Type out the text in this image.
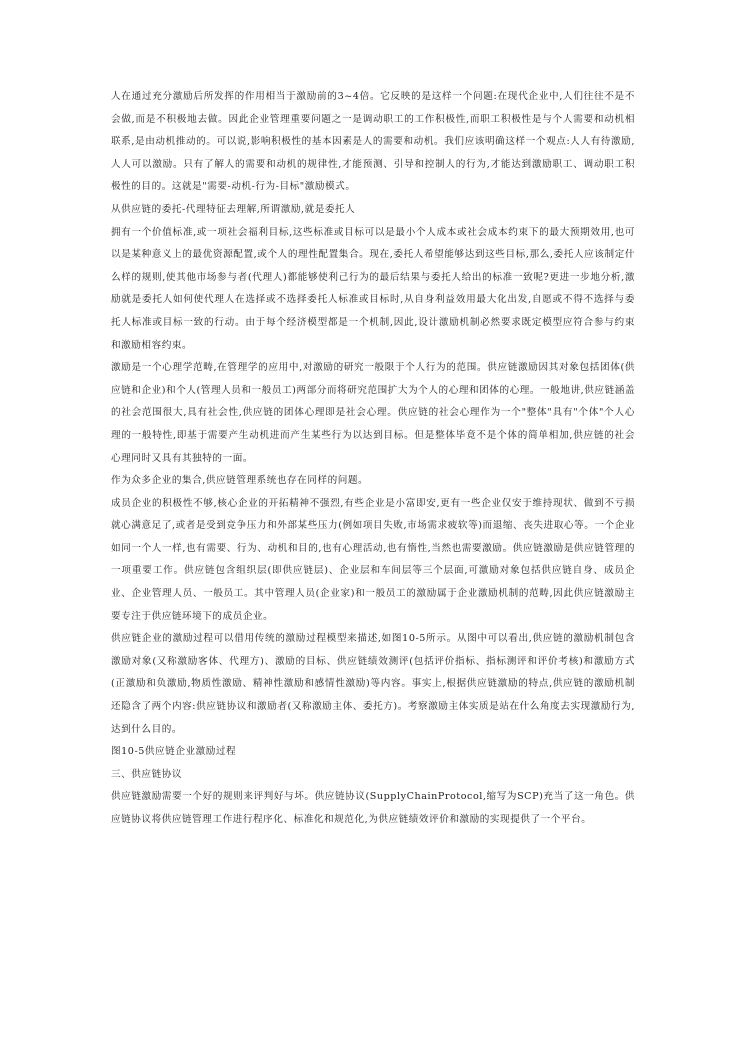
人在通过充分激励后所发挥的作用相当于激励前的3~4倍。它反映的是这样一个问题:在现代企业中,人们往往不是不会做,而是不积极地去做。因此企业管理重要问题之一是调动职工的工作积极性,而职工积极性是与个人需要和动机相联系,是由动机推动的。可以说,影响积极性的基本因素是人的需要和动机。我们应该明确这样一个观点:人人有待激励,人人可以激励。只有了解人的需要和动机的规律性,才能预测、引导和控制人的行为,才能达到激励职工、调动职工积极性的目的。这就是"需要-动机-行为-目标"激励模式。

从供应链的委托-代理特征去理解,所谓激励,就是委托人

拥有一个价值标准,或一项社会福利目标,这些标准或目标可以是最小个人成本或社会成本约束下的最大预期效用,也可以是某种意义上的最优资源配置,或个人的理性配置集合。现在,委托人希望能够达到这些目标,那么,委托人应该制定什么样的规则,使其他市场参与者(代理人)都能够使利己行为的最后结果与委托人给出的标准一致呢?更进一步地分析,激励就是委托人如何使代理人在选择或不选择委托人标准或目标时,从自身利益效用最大化出发,自愿或不得不选择与委托人标准或目标一致的行动。由于每个经济模型都是一个机制,因此,设计激励机制必然要求既定模型应符合参与约束和激励相容约束。

激励是一个心理学范畴,在管理学的应用中,对激励的研究一般限于个人行为的范围。供应链激励因其对象包括团体(供应链和企业)和个人(管理人员和一般员工)两部分而将研究范围扩大为个人的心理和团体的心理。一般地讲,供应链涵盖的社会范围很大,具有社会性,供应链的团体心理即是社会心理。供应链的社会心理作为一个"整体"具有"个体"个人心理的一般特性,即基于需要产生动机进而产生某些行为以达到目标。但是整体毕竟不是个体的简单相加,供应链的社会心理同时又具有其独特的一面。

作为众多企业的集合,供应链管理系统也存在同样的问题。

成员企业的积极性不够,核心企业的开拓精神不强烈,有些企业是小富即安,更有一些企业仅安于维持现状、做到不亏损就心满意足了,或者是受到竞争压力和外部某些压力(例如项目失败,市场需求疲软等)而退缩、丧失进取心等。一个企业如同一个人一样,也有需要、行为、动机和目的,也有心理活动,也有惰性,当然也需要激励。供应链激励是供应链管理的一项重要工作。供应链包含组织层(即供应链层)、企业层和车间层等三个层面,可激励对象包括供应链自身、成员企业、企业管理人员、一般员工。其中管理人员(企业家)和一般员工的激励属于企业激励机制的范畴,因此供应链激励主要专注于供应链环境下的成员企业。

供应链企业的激励过程可以借用传统的激励过程模型来描述,如图10-5所示。从图中可以看出,供应链的激励机制包含激励对象(又称激励客体、代理方)、激励的目标、供应链绩效测评(包括评价指标、指标测评和评价考核)和激励方式(正激励和负激励,物质性激励、精神性激励和感情性激励)等内容。事实上,根据供应链激励的特点,供应链的激励机制还隐含了两个内容:供应链协议和激励者(又称激励主体、委托方)。考察激励主体实质是站在什么角度去实现激励行为,达到什么目的。

图10-5供应链企业激励过程

三、供应链协议

供应链激励需要一个好的规则来评判好与坏。供应链协议(SupplyChainProtocol,缩写为SCP)充当了这一角色。供应链协议将供应链管理工作进行程序化、标准化和规范化,为供应链绩效评价和激励的实现提供了一个平台。
